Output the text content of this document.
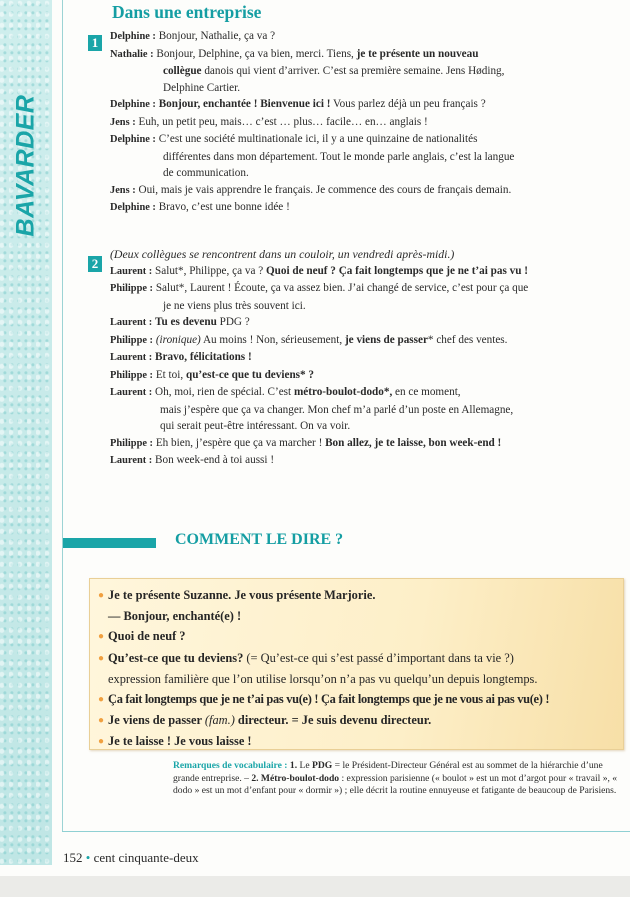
BAVARDER
Dans une entreprise
1	Delphine : Bonjour, Nathalie, ça va ?
Nathalie : Bonjour, Delphine, ça va bien, merci. Tiens, je te présente un nouveau
collègue danois qui vient d’arriver. C’est sa première semaine. Jens Høding,
Delphine Cartier.
Delphine : Bonjour, enchantée ! Bienvenue ici ! Vous parlez déjà un peu français ?
Jens : Euh, un petit peu, mais… c’est … plus… facile… en… anglais !
Delphine : C’est une société multinationale ici, il y a une quinzaine de nationalités
différentes dans mon département. Tout le monde parle anglais, c’est la langue
de communication.
Jens : Oui, mais je vais apprendre le français. Je commence des cours de français demain.
Delphine : Bravo, c’est une bonne idée !
2
(Deux collègues se rencontrent dans un couloir, un vendredi après-midi.)
Laurent : Salut*, Philippe, ça va ? Quoi de neuf ? Ça fait longtemps que je ne t’ai pas vu !
Philippe : Salut*, Laurent ! Écoute, ça va assez bien. J’ai changé de service, c’est pour ça que
je ne viens plus très souvent ici.
Laurent : Tu es devenu PDG ?
Philippe : (ironique) Au moins ! Non, sérieusement, je viens de passer* chef des ventes.
Laurent : Bravo, félicitations !
Philippe : Et toi, qu’est-ce que tu deviens* ?
Laurent : Oh, moi, rien de spécial. C’est métro-boulot-dodo*, en ce moment,
mais j’espère que ça va changer. Mon chef m’a parlé d’un poste en Allemagne,
qui serait peut-être intéressant. On va voir.
Philippe : Eh bien, j’espère que ça va marcher ! Bon allez, je te laisse, bon week-end !
Laurent : Bon week-end à toi aussi !
COMMENT LE DIRE ?
● Je te présente Suzanne. Je vous présente Marjorie.
— Bonjour, enchanté(e) !
● Quoi de neuf ?
● Qu’est-ce que tu deviens? (= Qu’est-ce qui s’est passé d’important dans ta vie ?)
expression familière que l’on utilise lorsqu’on n’a pas vu quelqu’un depuis longtemps.
● Ça fait longtemps que je ne t’ai pas vu(e) ! Ça fait longtemps que je ne vous ai pas vu(e) !
● Je viens de passer (fam.) directeur. = Je suis devenu directeur.
● Je te laisse ! Je vous laisse !
Remarques de vocabulaire : 1. Le PDG = le Président-Directeur Général est au sommet de la hiérarchie d’une grande entreprise. – 2. Métro-boulot-dodo : expression parisienne (« boulot » est un mot d’argot pour « travail », « dodo » est un mot d’enfant pour « dormir ») ; elle décrit la routine ennuyeuse et fatigante de beaucoup de Parisiens.
152 • cent cinquante-deux
